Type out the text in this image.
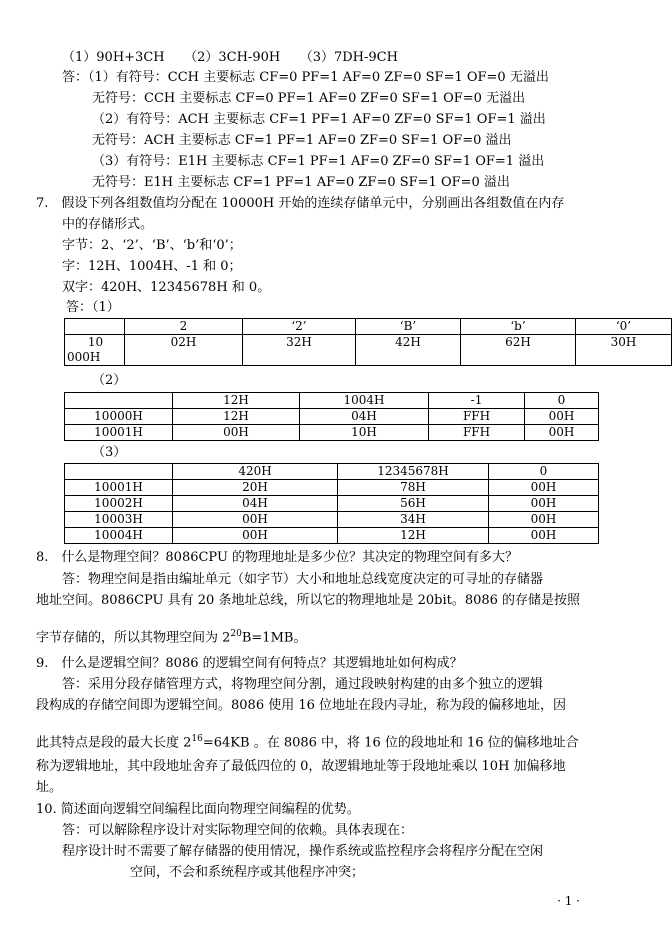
（1）90H+3CH　　（2）3CH-90H　　（3）7DH-9CH
答：（1）有符号：CCH 主要标志 CF=0 PF=1 AF=0 ZF=0 SF=1 OF=0 无溢出
无符号：CCH 主要标志 CF=0 PF=1 AF=0 ZF=0 SF=1 OF=0 无溢出
（2）有符号：ACH 主要标志 CF=1 PF=1 AF=0 ZF=0 SF=1 OF=1 溢出
无符号：ACH 主要标志 CF=1 PF=1 AF=0 ZF=0 SF=1 OF=0 溢出
（3）有符号：E1H 主要标志 CF=1 PF=1 AF=0 ZF=0 SF=1 OF=1 溢出
无符号：E1H 主要标志 CF=1 PF=1 AF=0 ZF=0 SF=1 OF=0 溢出
7.　假设下列各组数值均分配在 10000H 开始的连续存储单元中，分别画出各组数值在内存
中的存储形式。
字节：2、‘2’、‘B’、‘b’和‘0’；
字：12H、1004H、-1 和 0；
双字：420H、12345678H 和 0。
答：（1）
	2	‘2’	‘B’	‘b’	‘0’

10
000H	02H	32H	42H	62H	30H
（2）
	12H	1004H	-1	0
10000H	12H	04H	FFH	00H
10001H	00H	10H	FFH	00H
（3）
	420H	12345678H	0
10001H	20H	78H	00H
10002H	04H	56H	00H
10003H	00H	34H	00H
10004H	00H	12H	00H
8.　什么是物理空间？8086CPU 的物理地址是多少位？其决定的物理空间有多大？
答：物理空间是指由编址单元（如字节）大小和地址总线宽度决定的可寻址的存储器
地址空间。8086CPU 具有 20 条地址总线，所以它的物理地址是 20bit。8086 的存储是按照
字节存储的，所以其物理空间为 $2^{20}B=1MB$。
9.　什么是逻辑空间？8086 的逻辑空间有何特点？其逻辑地址如何构成？
答：采用分段存储管理方式，将物理空间分割，通过段映射构建的由多个独立的逻辑
段构成的存储空间即为逻辑空间。8086 使用 16 位地址在段内寻址，称为段的偏移地址，因
此其特点是段的最大长度 $2^{16}=64KB$ 。在 8086 中，将 16 位的段地址和 16 位的偏移地址合
称为逻辑地址，其中段地址舍弃了最低四位的 0，故逻辑地址等于段地址乘以 10H 加偏移地
址。
10. 简述面向逻辑空间编程比面向物理空间编程的优势。
答：可以解除程序设计对实际物理空间的依赖。具体表现在：
程序设计时不需要了解存储器的使用情况，操作系统或监控程序会将程序分配在空闲
空间，不会和系统程序或其他程序冲突；
· 1 ·
